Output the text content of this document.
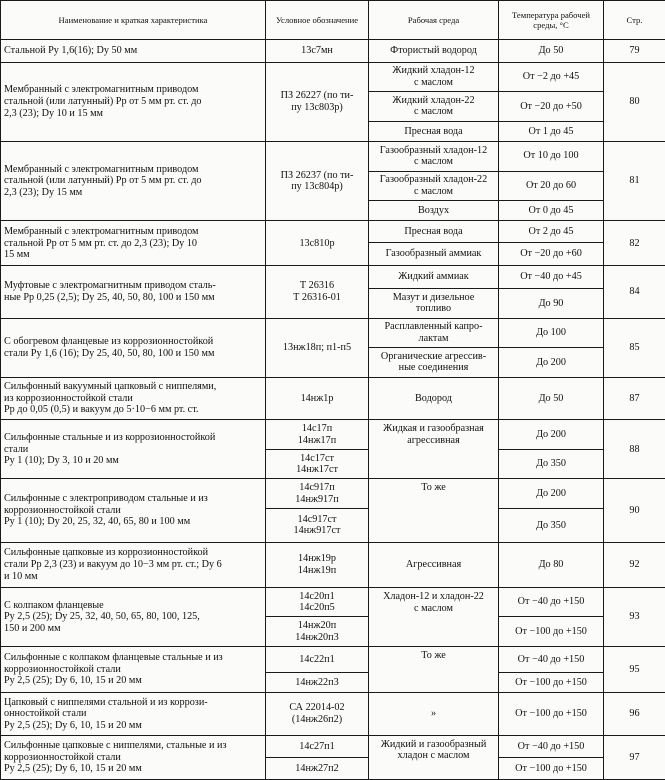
Наименование и краткая характеристика	Условное обозначение	Рабочая среда	Температура рабочей среды, °С	Стр.

Стальной Pу 1,6(16); Dу 50 мм	13с7мн	Фтористый водород	До 50	79

Мембранный с электромагнитным приводом
стальной (или латунный) Pр от 5 мм рт. ст. до
2,3 (23); Dу 10 и 15 мм	ПЗ 26227 (по ти-
пу 13с803р)	Жидкий хладон-12
с маслом	От −2 до +45	80

		Жидкий хладон-22
с маслом	От −20 до +50	

		Пресная вода	От 1 до 45	

Мембранный с электромагнитным приводом
стальной (или латунный) Pр от 5 мм рт. ст. до
2,3 (23); Dу 15 мм	ПЗ 26237 (по ти-
пу 13с804р)	Газообразный хладон-12
с маслом	От 10 до 100	81

		Газообразный хладон-22
с маслом	От 20 до 60	

		Воздух	От 0 до 45	

Мембранный с электромагнитным приводом
стальной Pр от 5 мм рт. ст. до 2,3 (23); Dу 10
15 мм	13с810р	Пресная вода	От 2 до 45	82

		Газообразный аммиак	От −20 до +60	

Муфтовые с электромагнитным приводом сталь-
ные Pр 0,25 (2,5); Dу 25, 40, 50, 80, 100 и 150 мм	Т 26316
Т 26316-01	Жидкий аммиак	От −40 до +45	84

		Мазут и дизельное
топливо	До 90	

С обогревом фланцевые из коррозионностойкой
стали Pу 1,6 (16); Dу 25, 40, 50, 80, 100 и 150 мм	13нж18п; п1-п5	Расплавленный капро-
лактам	До 100	85

		Органические агрессив-
ные соединения	До 200	

Сильфонный вакуумный цапковый с ниппелями,
из коррозионностойкой стали
Pр до 0,05 (0,5) и вакуум до 5·10−6 мм рт. ст.	14нж1р	Водород	До 50	87

Сильфонные стальные и из коррозионностойкой
стали
Pу 1 (10); Dу 3, 10 и 20 мм	14с17п
14нж17п	Жидкая и газообразная
агрессивная	До 200	88

	14с17ст
14нж17ст		До 350	

Сильфонные с электроприводом стальные и из
коррозионностойкой стали
Pу 1 (10); Dу 20, 25, 32, 40, 65, 80 и 100 мм	14с917п
14нж917п	То же	До 200	90

	14с917ст
14нж917ст		До 350	

Сильфонные цапковые из коррозионностойкой
стали Pр 2,3 (23) и вакуум до 10−3 мм рт. ст.; Dу 6
и 10 мм	14нж19р
14нж19п	Агрессивная	До 80	92

С колпаком фланцевые
Pу 2,5 (25); Dу 25, 32, 40, 50, 65, 80, 100, 125,
150 и 200 мм	14с20п1
14с20п5	Хладон-12 и хладон-22
с маслом	От −40 до +150	93

	14нж20п
14нж20п3		От −100 до +150	

Сильфонные с колпаком фланцевые стальные и из
коррозионностойкой стали
Pу 2,5 (25); Dу 6, 10, 15 и 20 мм	14с22п1	То же	От −40 до +150	95

	14нж22п3		От −100 до +150	

Цапковый с ниппелями стальной и из коррози-
онностойкой стали
Pу 2,5 (25); Dу 6, 10, 15 и 20 мм	СА 22014-02
(14нж26п2)	»	От −100 до +150	96

Сильфонные цапковые с ниппелями, стальные и из
коррозионностойкой стали
Pу 2,5 (25); Dу 6, 10, 15 и 20 мм	14с27п1	Жидкий и газообразный
хладон с маслом	От −40 до +150	97

	14нж27п2		От −100 до +150	
